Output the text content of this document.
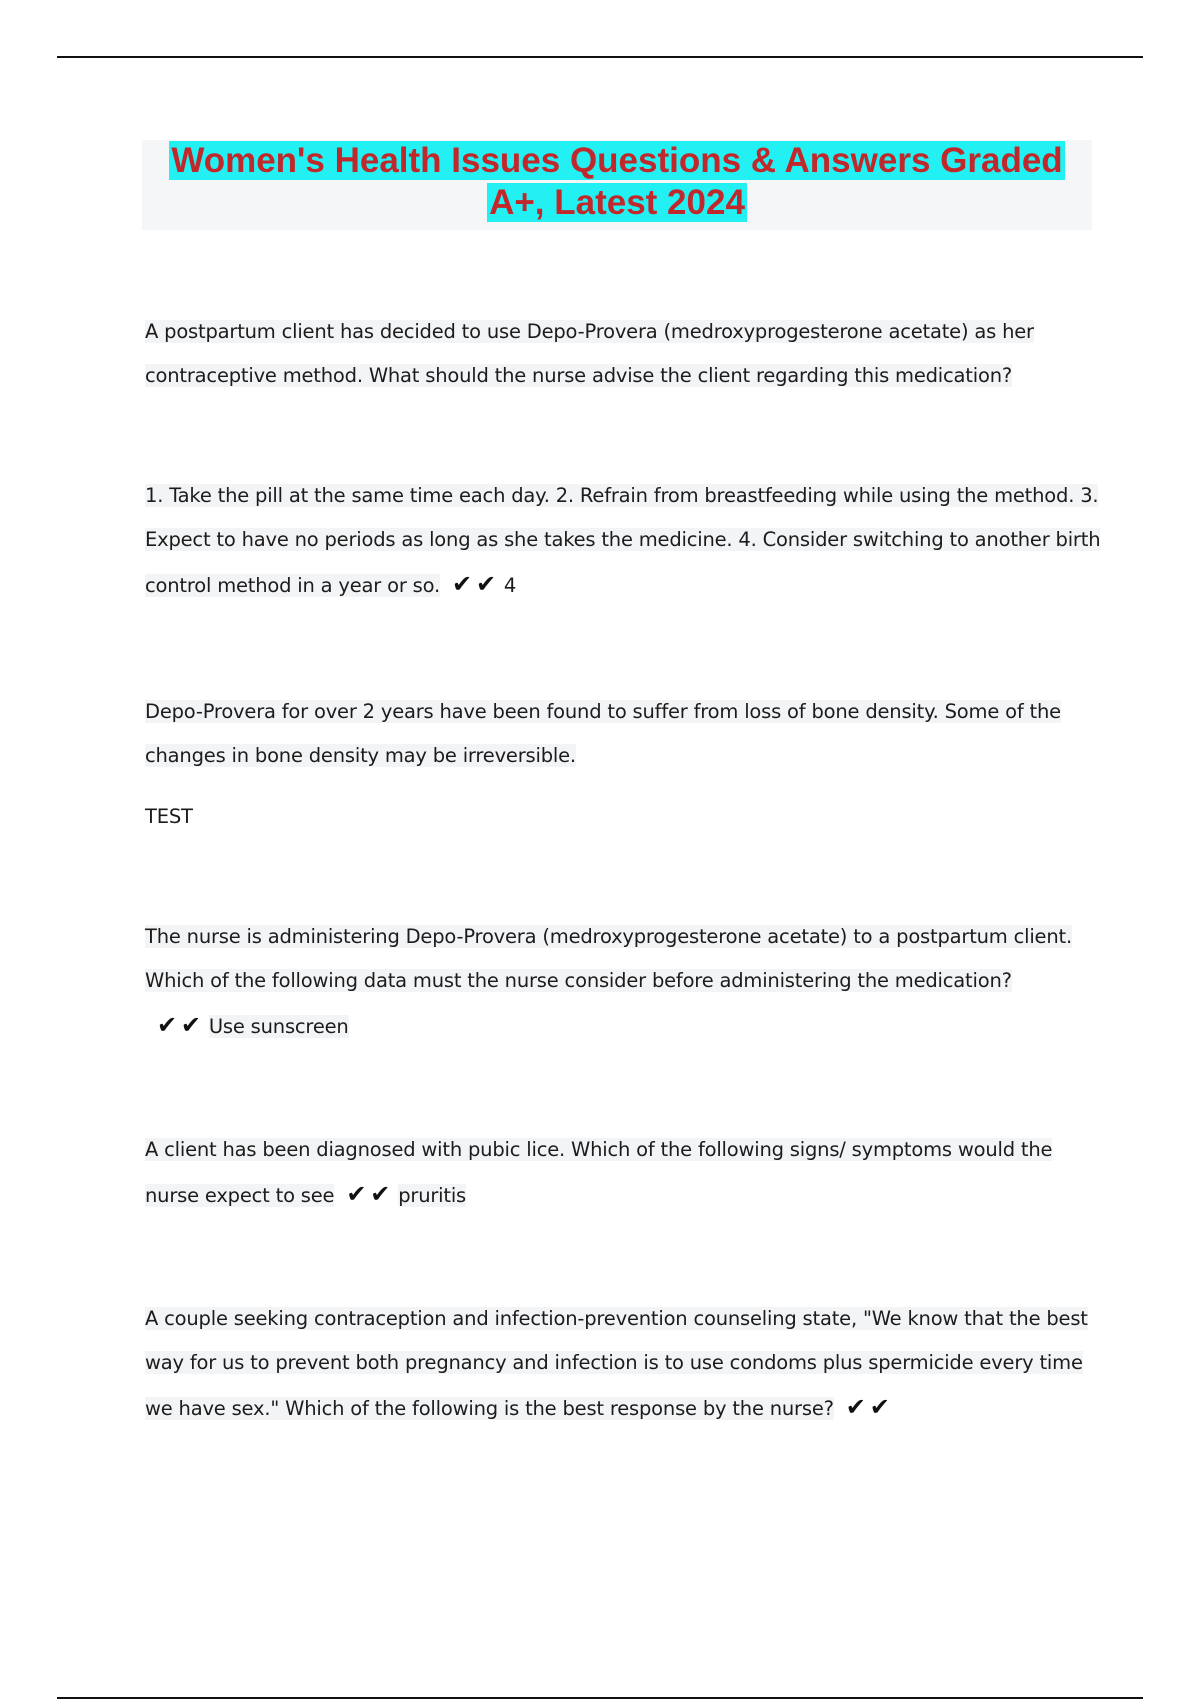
Women's Health Issues Questions & Answers Graded
A+, Latest 2024
A postpartum client has decided to use Depo-Provera (medroxyprogesterone acetate) as her contraceptive method. What should the nurse advise the client regarding this medication?
1. Take the pill at the same time each day. 2. Refrain from breastfeeding while using the method. 3. Expect to have no periods as long as she takes the medicine. 4. Consider switching to another birth control method in a year or so. ✔ ✔ 4
Depo-Provera for over 2 years have been found to suffer from loss of bone density. Some of the changes in bone density may be irreversible.
TEST
The nurse is administering Depo-Provera (medroxyprogesterone acetate) to a postpartum client. Which of the following data must the nurse consider before administering the medication?✔ ✔ Use sunscreen
A client has been diagnosed with pubic lice. Which of the following signs/ symptoms would the nurse expect to see ✔ ✔ pruritis
A couple seeking contraception and infection-prevention counseling state, "We know that the best way for us to prevent both pregnancy and infection is to use condoms plus spermicide every time we have sex." Which of the following is the best response by the nurse? ✔ ✔
